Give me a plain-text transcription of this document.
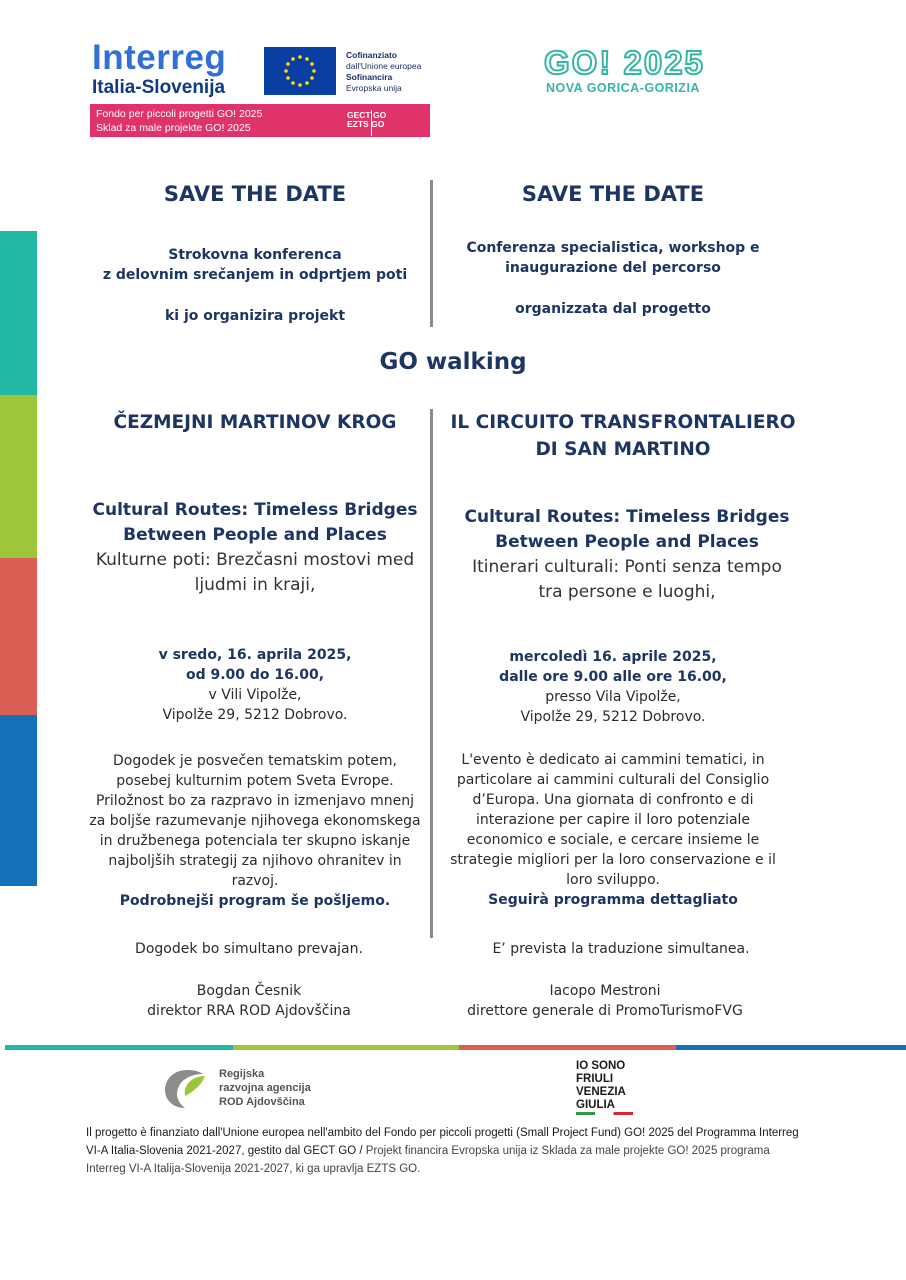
Interreg
Italia-Slovenija
Cofinanziato
dall'Unione europea
Sofinancira
Evropska unija
Fondo per piccoli progetti GO! 2025
Sklad za male projekte GO! 2025
GECT GO
EZTS GO
GO! 2025
NOVA GORICA-GORIZIA
SAVE THE DATE
Strokovna konferenca
z delovnim srečanjem in odprtjem poti
ki jo organizira projekt
ČEZMEJNI MARTINOV KROG
Cultural Routes: Timeless Bridges
Between People and Places
Kulturne poti: Brezčasni mostovi med
ljudmi in kraji,
v sredo, 16. aprila 2025,
od 9.00 do 16.00,
v Vili Vipolže,
Vipolže 29, 5212 Dobrovo.
Dogodek je posvečen tematskim potem,
posebej kulturnim potem Sveta Evrope.
Priložnost bo za razpravo in izmenjavo mnenj
za boljše razumevanje njihovega ekonomskega
in družbenega potenciala ter skupno iskanje
najboljših strategij za njihovo ohranitev in
razvoj.
Podrobnejši program še pošljemo.
Dogodek bo simultano prevajan.
Bogdan Česnik
direktor RRA ROD Ajdovščina
SAVE THE DATE
Conferenza specialistica, workshop e
inaugurazione del percorso
organizzata dal progetto
IL CIRCUITO TRANSFRONTALIERO
DI SAN MARTINO
Cultural Routes: Timeless Bridges
Between People and Places
Itinerari culturali: Ponti senza tempo
tra persone e luoghi,
mercoledì 16. aprile 2025,
dalle ore 9.00 alle ore 16.00,
presso Vila Vipolže,
Vipolže 29, 5212 Dobrovo.
L'evento è dedicato ai cammini tematici, in
particolare ai cammini culturali del Consiglio
d’Europa. Una giornata di confronto e di
interazione per capire il loro potenziale
economico e sociale, e cercare insieme le
strategie migliori per la loro conservazione e il
loro sviluppo.
Seguirà programma dettagliato
E’ prevista la traduzione simultanea.
Iacopo Mestroni
direttore generale di PromoTurismoFVG
GO walking
Regijska
razvojna agencija
ROD Ajdovščina
IO SONO
FRIULI
VENEZIA
GIULIA
Il progetto è finanziato dall'Unione europea nell'ambito del Fondo per piccoli progetti (Small Project Fund) GO! 2025 del Programma Interreg VI-A Italia-Slovenia 2021-2027, gestito dal GECT GO / Projekt financira Evropska unija iz Sklada za male projekte GO! 2025 programa Interreg VI-A Italija-Slovenija 2021-2027, ki ga upravlja EZTS GO.
